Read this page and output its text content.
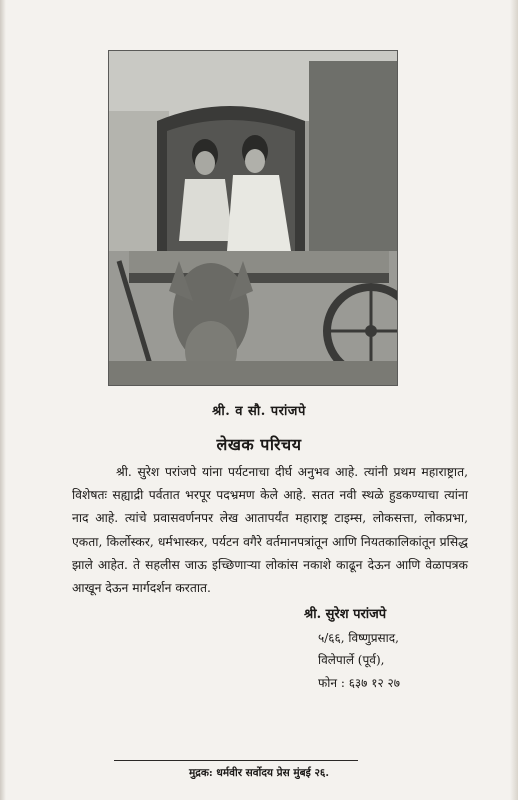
श्री. व सौ. परांजपे
लेखक परिचय

श्री. सुरेश परांजपे यांना पर्यटनाचा दीर्घ अनुभव आहे. त्यांनी प्रथम महाराष्ट्रात, विशेषतः सह्याद्री पर्वतात भरपूर पदभ्रमण केले आहे. सतत नवी स्थळे हुडकण्याचा त्यांना नाद आहे. त्यांचे प्रवासवर्णनपर लेख आतापर्यंत महाराष्ट्र टाइम्स, लोकसत्ता, लोकप्रभा, एकता, किर्लोस्कर, धर्मभास्कर, पर्यटन वगैरे वर्तमानपत्रांतून आणि नियतकालिकांतून प्रसिद्ध झाले आहेत. ते सहलीस जाऊ इच्छिणाऱ्या लोकांस नकाशे काढून देऊन आणि वेळापत्रक आखून देऊन मार्गदर्शन करतात.

श्री. सुरेश परांजपे
५/६६, विष्णुप्रसाद,
विलेपार्ले (पूर्व),
फोन : ६३७ १२ २७
मुद्रक: धर्मवीर सर्वोदय प्रेस मुंबई २६.
